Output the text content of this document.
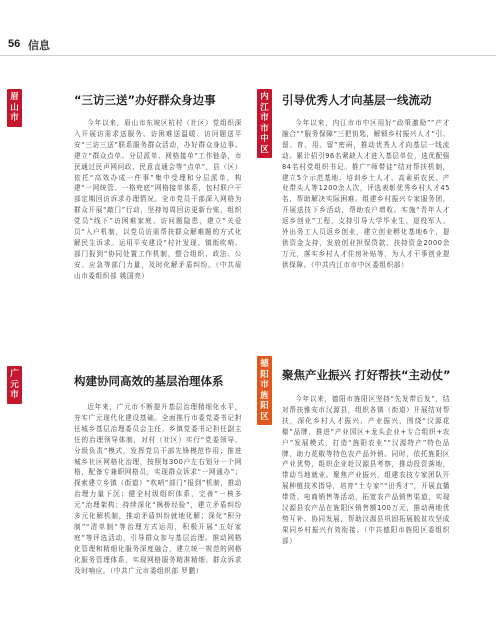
56 信息
眉山市
“三访三送”办好群众身边事
今年以来，眉山市东坡区杭村（社区）党组织深入开展访需求送服务、访困难送温暖、访问题送平安“三访三送”联系服务群众活动，办好群众身边事。建立“群众点单、分层派单、网格接单”工作链条，市民通过民声网问政、民意直通会等“点单”，县（区）依托“高效办成一件事”集中受理和分层派单，构建“一网统管、一格兜底”网格接单体系，包村联户干部定期回访诉求办理情况。全市党员干部深入网格为群众开展“敲门”行动，坚持每周回访更新台账，组织党员“线下”访困难家庭、访问题隐患，建立“关爱员”入户机制，以党员访需帮扶群众解难题的方式化解民生诉求。运用平安建设“村社发现、镇街吹哨、部门报到”协同处置工作机制，整合组织、政法、公安、应急等部门力量，及时化解矛盾纠纷。（中共眉山市委组织部 姚国亮）
广元市
构建协同高效的基层治理体系
近年来，广元市不断提升基层治理精细化水平，夯实广元现代化建设基础。全面推行市委党委书记担任城乡基层治理委员会主任、乡镇党委书记担任副主任的治理领导体制，对村（社区）实行“党委领导、分级负责”模式，发挥党员干部先锋模范作用；推进城乡社区网格化治理，按照每300户左右划分一个网格，配备专兼职网格员，实现群众诉求“一网通办”；探索建立乡镇（街道）“吹哨”部门“报到”机制，推动治理力量下沉；健全村级组织体系，完善“一核多元”治理架构；持续深化“枫桥经验”，建立矛盾纠纷多元化解机制，推动矛盾纠纷就地化解；深化“积分制”“清单制”等治理方式运用，积极开展“五好家庭”等评选活动，引导群众参与基层治理。推动网格化管理和精细化服务深度融合，建立统一规范的网格化服务管理体系，实现网格服务精准精细、群众诉求及时响应。（中共广元市委组织部 罗鹏）
内江市市中区
引导优秀人才向基层一线流动
今年以来，内江市市中区用好“政策激励”“产才融合”“服务保障”三把钥匙，解锁乡村振兴人才“引、留、育、用、留”密码，推动优秀人才向基层一线流动。累计招引96名紧缺人才进入基层单位，选优配强84名村党组织书记。推广“师带徒”结对帮扶机制，建立5个示范基地、培训乡土人才、高素质农民、产业带头人等1200余人次，评选表彰优秀乡村人才45名，帮助解决实际困难。组建乡村振兴专家服务团，开展送技下乡活动，帮助农户增收。实施“青年人才返乡创业”工程，支持引导大学毕业生、退役军人、外出务工人员返乡创业，建立创业孵化基地6个，提供资金支持，发放创业担保贷款、扶持资金2000余万元，落实乡村人才住房补贴等，为人才干事创业提供保障。（中共内江市市中区委组织部）
德阳市旌阳区
聚焦产业振兴 打好帮扶“主动仗”
今年以来，德阳市旌阳区坚持“先发带后发”，结对帮扶雅安市汉源县，组织各镇（街道）开展结对帮扶，深化乡村人才振兴、产业振兴，围绕“汉源花椒”品牌，推进“产业园区+龙头企业+专合组织+农户”发展模式，打造“旌阳农业”“汉源特产”特色品牌，助力花椒等特色农产品外销。同时，依托旌阳区产业优势，组织企业赴汉源县考察，推动投资落地，带动当地就业。聚焦产业振兴，组建农技专家团队开展种植技术指导，培育“土专家”“田秀才”，开展直播带货、电商销售等活动，拓宽农产品销售渠道，实现汉源县农产品在旌阳区销售额100万元，推动两地优势互补、协同发展，帮助汉源县巩固拓展脱贫攻坚成果同乡村振兴有效衔接。（中共德阳市旌阳区委组织部）
